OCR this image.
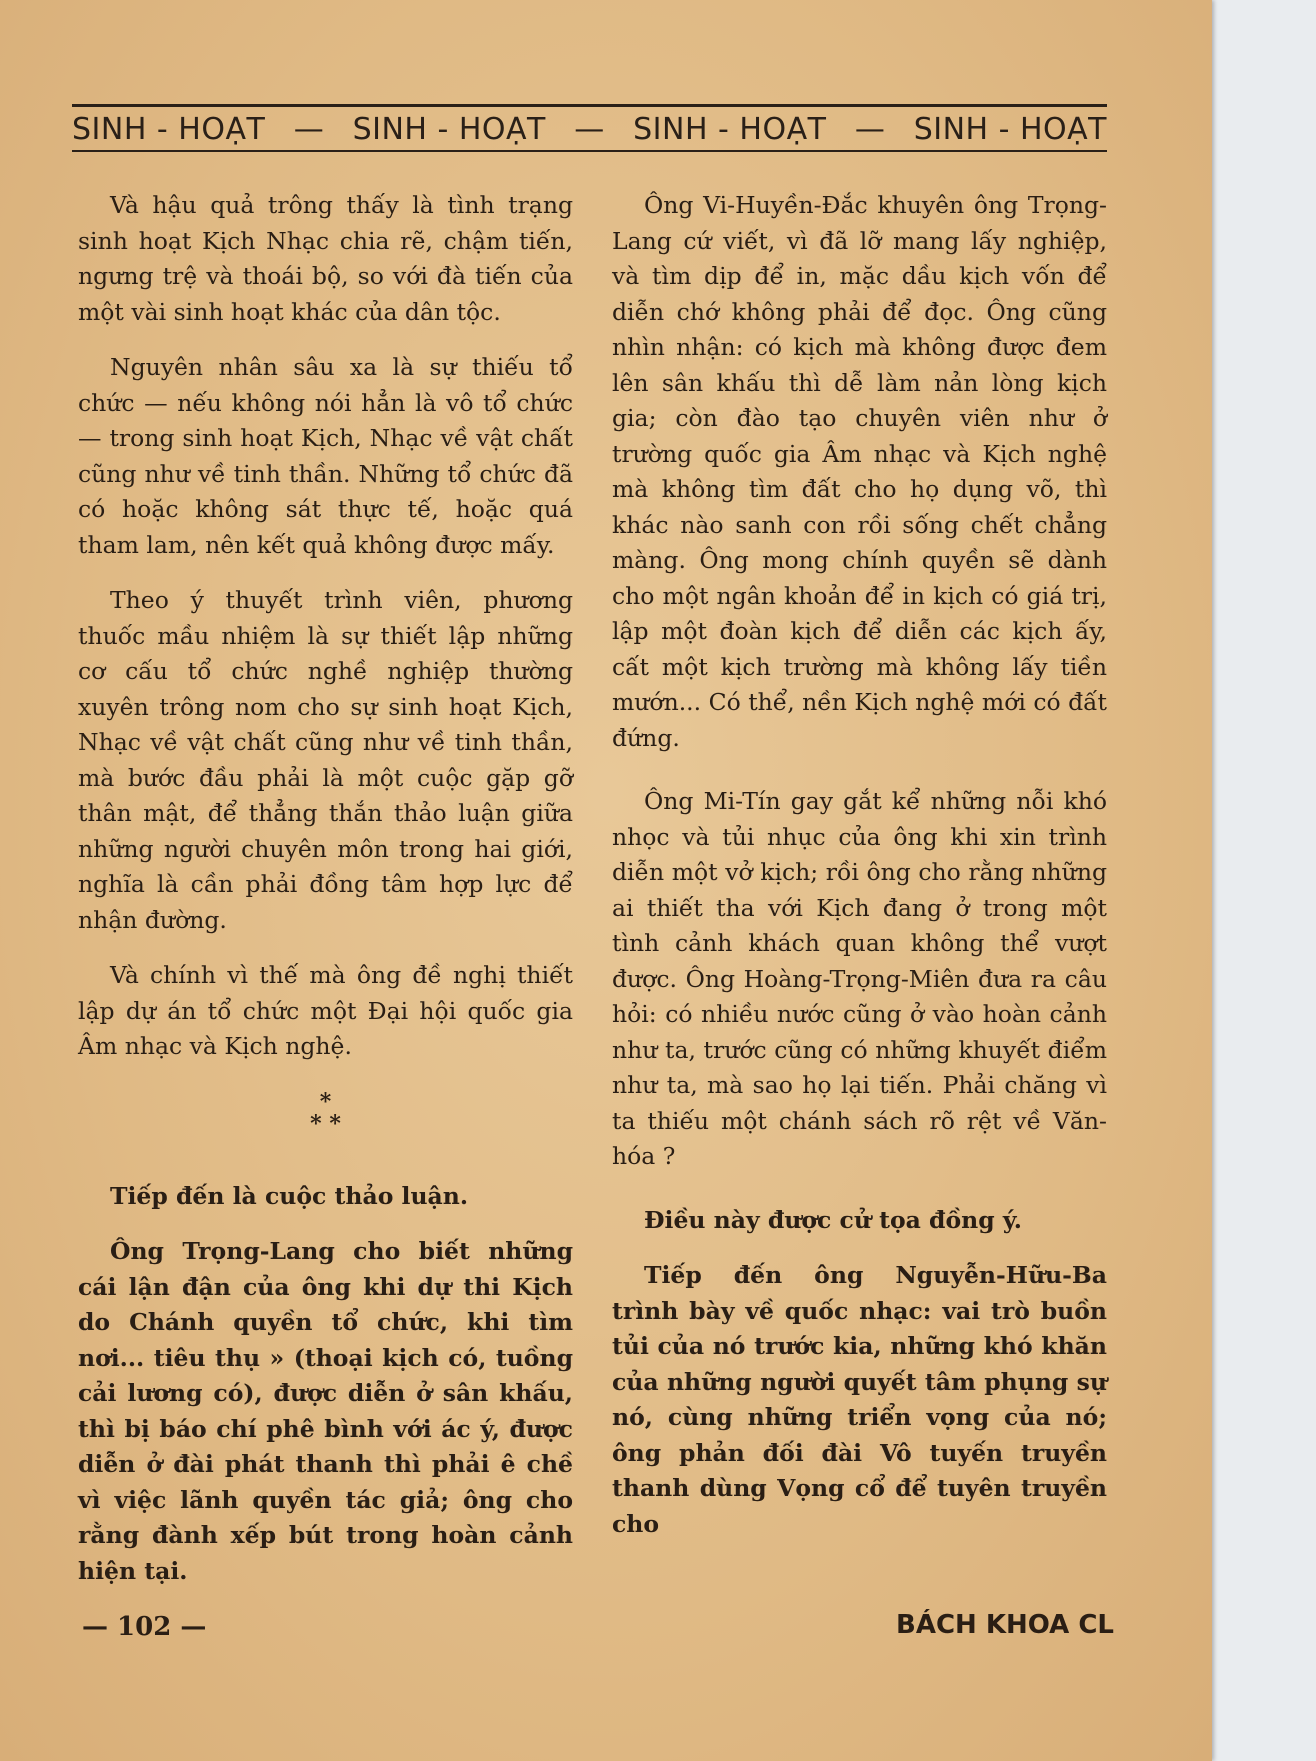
SINH - HOẠT — SINH - HOẠT — SINH - HOẠT — SINH - HOẠT

Và hậu quả trông thấy là tình trạng sinh hoạt Kịch Nhạc chia rẽ, chậm tiến, ngưng trệ và thoái bộ, so với đà tiến của một vài sinh hoạt khác của dân tộc.

Nguyên nhân sâu xa là sự thiếu tổ chức — nếu không nói hẳn là vô tổ chức — trong sinh hoạt Kịch, Nhạc về vật chất cũng như về tinh thần. Những tổ chức đã có hoặc không sát thực tế, hoặc quá tham lam, nên kết quả không được mấy.

Theo ý thuyết trình viên, phương thuốc mầu nhiệm là sự thiết lập những cơ cấu tổ chức nghề nghiệp thường xuyên trông nom cho sự sinh hoạt Kịch, Nhạc về vật chất cũng như về tinh thần, mà bước đầu phải là một cuộc gặp gỡ thân mật, để thẳng thắn thảo luận giữa những người chuyên môn trong hai giới, nghĩa là cần phải đồng tâm hợp lực để nhận đường.

Và chính vì thế mà ông đề nghị thiết lập dự án tổ chức một Đại hội quốc gia Âm nhạc và Kịch nghệ.

*
* *

Tiếp đến là cuộc thảo luận.

Ông Trọng-Lang cho biết những cái lận đận của ông khi dự thi Kịch do Chánh quyền tổ chức, khi tìm nơi... tiêu thụ » (thoại kịch có, tuồng cải lương có), được diễn ở sân khấu, thì bị báo chí phê bình với ác ý, được diễn ở đài phát thanh thì phải ê chề vì việc lãnh quyền tác giả; ông cho rằng đành xếp bút trong hoàn cảnh hiện tại.

Ông Vi-Huyền-Đắc khuyên ông Trọng-Lang cứ viết, vì đã lỡ mang lấy nghiệp, và tìm dịp để in, mặc dầu kịch vốn để diễn chớ không phải để đọc. Ông cũng nhìn nhận: có kịch mà không được đem lên sân khấu thì dễ làm nản lòng kịch gia; còn đào tạo chuyên viên như ở trường quốc gia Âm nhạc và Kịch nghệ mà không tìm đất cho họ dụng võ, thì khác nào sanh con rồi sống chết chẳng màng. Ông mong chính quyền sẽ dành cho một ngân khoản để in kịch có giá trị, lập một đoàn kịch để diễn các kịch ấy, cất một kịch trường mà không lấy tiền mướn... Có thể, nền Kịch nghệ mới có đất đứng.

Ông Mi-Tín gay gắt kể những nỗi khó nhọc và tủi nhục của ông khi xin trình diễn một vở kịch; rồi ông cho rằng những ai thiết tha với Kịch đang ở trong một tình cảnh khách quan không thể vượt được. Ông Hoàng-Trọng-Miên đưa ra câu hỏi: có nhiều nước cũng ở vào hoàn cảnh như ta, trước cũng có những khuyết điểm như ta, mà sao họ lại tiến. Phải chăng vì ta thiếu một chánh sách rõ rệt về Văn-hóa ?

Điều này được cử tọa đồng ý.

Tiếp đến ông Nguyễn-Hữu-Ba trình bày về quốc nhạc: vai trò buồn tủi của nó trước kia, những khó khăn của những người quyết tâm phụng sự nó, cùng những triển vọng của nó; ông phản đối đài Vô tuyến truyền thanh dùng Vọng cổ để tuyên truyền cho

— 102 —	BÁCH KHOA CL
